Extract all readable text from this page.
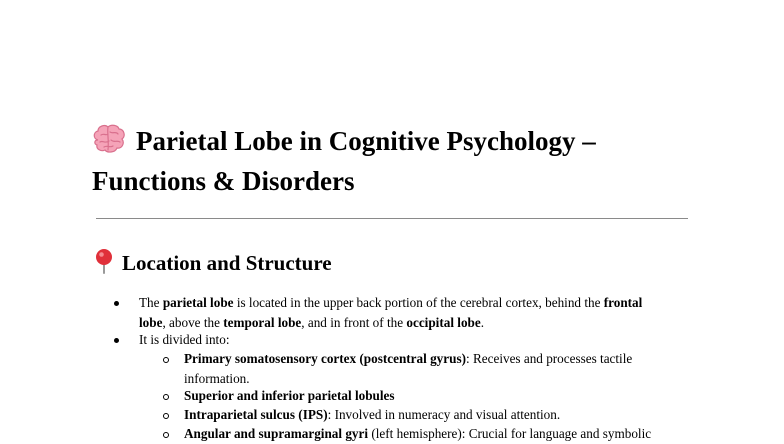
Parietal Lobe in Cognitive Psychology –
Functions & Disorders
Location and Structure
The parietal lobe is located in the upper back portion of the cerebral cortex, behind the frontal
lobe, above the temporal lobe, and in front of the occipital lobe.
It is divided into:
Primary somatosensory cortex (postcentral gyrus): Receives and processes tactile
information.
Superior and inferior parietal lobules
Intraparietal sulcus (IPS): Involved in numeracy and visual attention.
Angular and supramarginal gyri (left hemisphere): Crucial for language and symbolic
